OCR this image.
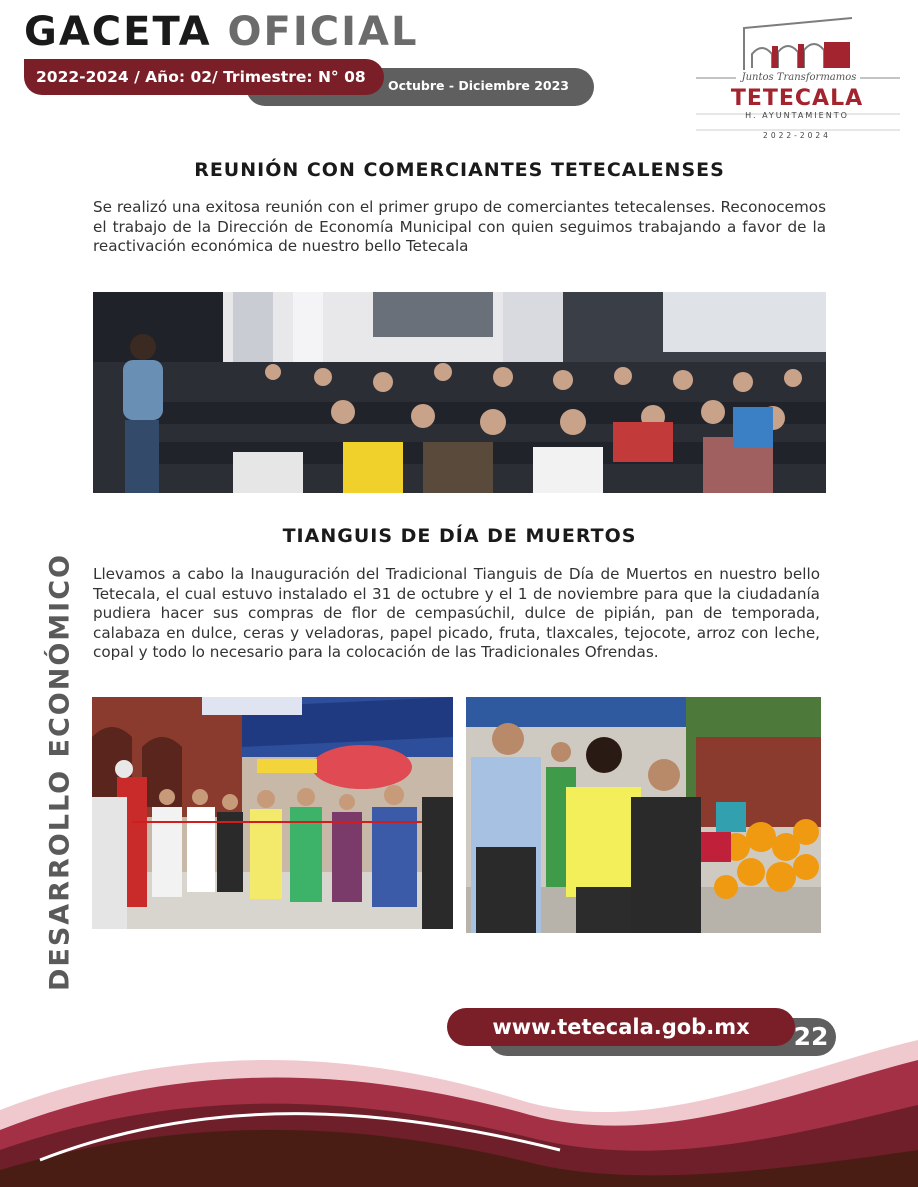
GACETA OFICIAL
2022-2024 / Año: 02/ Trimestre: N° 08 Octubre - Diciembre 2023
Juntos Transformamos
TETECALA
H. AYUNTAMIENTO
2022-2024
REUNIÓN CON COMERCIANTES TETECALENSES

Se realizó una exitosa reunión con el primer grupo de comerciantes tetecalenses. Reconocemos el trabajo de la Dirección de Economía Municipal con quien seguimos trabajando a favor de la reactivación económica de nuestro bello Tetecala

TIANGUIS DE DÍA DE MUERTOS

Llevamos a cabo la Inauguración del Tradicional Tianguis de Día de Muertos en nuestro bello Tetecala, el cual estuvo instalado el 31 de octubre y el 1 de noviembre para que la ciudadanía pudiera hacer sus compras de flor de cempasúchil, dulce de pipián, pan de temporada, calabaza en dulce, ceras y veladoras, papel picado, fruta, tlaxcales, tejocote, arroz con leche, copal y todo lo necesario para la colocación de las Tradicionales Ofrendas.

DESARROLLO ECONÓMICO
www.tetecala.gob.mx	22
